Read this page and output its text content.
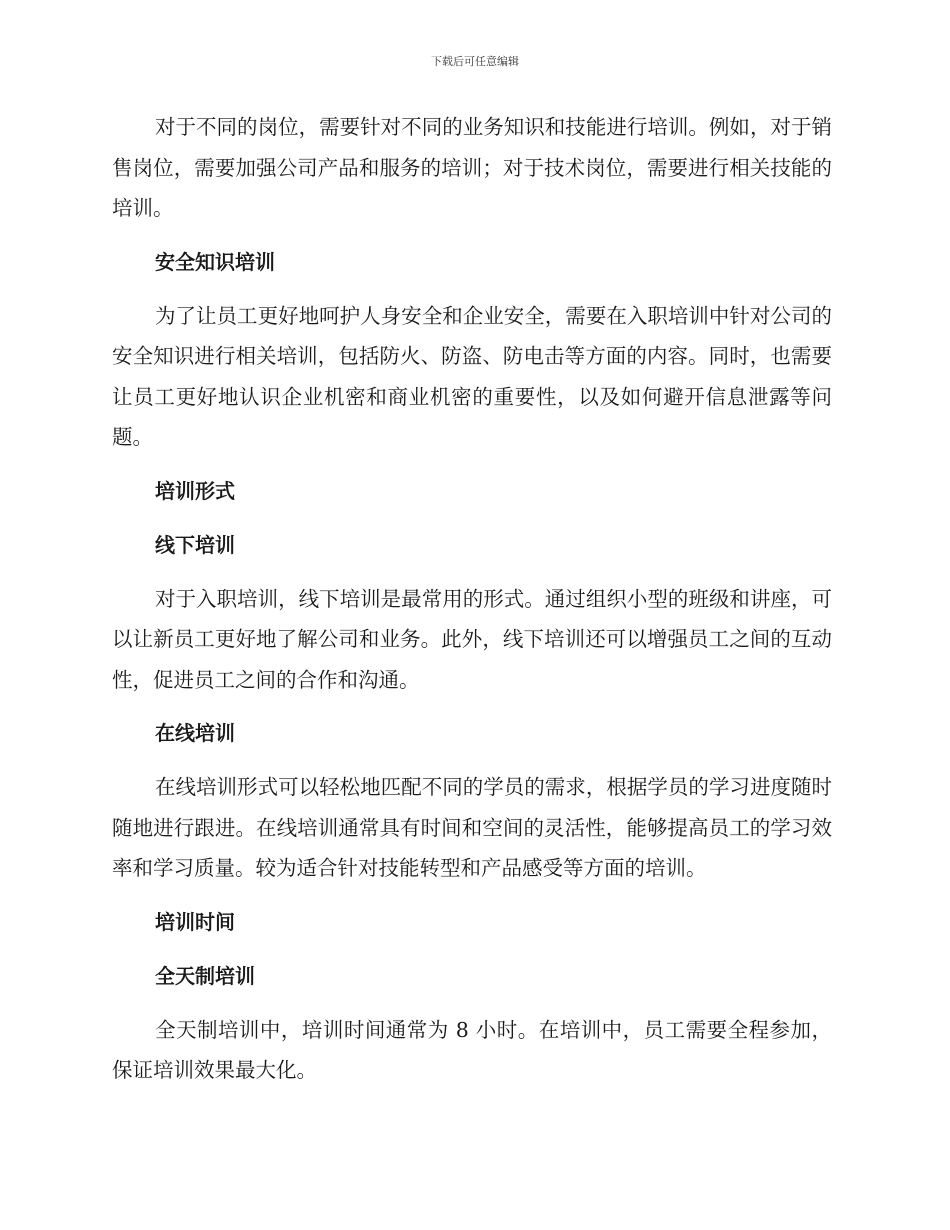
下载后可任意编辑

对于不同的岗位，需要针对不同的业务知识和技能进行培训。例如，对于销售岗位，需要加强公司产品和服务的培训；对于技术岗位，需要进行相关技能的培训。

安全知识培训

为了让员工更好地呵护人身安全和企业安全，需要在入职培训中针对公司的安全知识进行相关培训，包括防火、防盗、防电击等方面的内容。同时，也需要让员工更好地认识企业机密和商业机密的重要性，以及如何避开信息泄露等问题。

培训形式
线下培训

对于入职培训，线下培训是最常用的形式。通过组织小型的班级和讲座，可以让新员工更好地了解公司和业务。此外，线下培训还可以增强员工之间的互动性，促进员工之间的合作和沟通。

在线培训

在线培训形式可以轻松地匹配不同的学员的需求，根据学员的学习进度随时随地进行跟进。在线培训通常具有时间和空间的灵活性，能够提高员工的学习效率和学习质量。较为适合针对技能转型和产品感受等方面的培训。

培训时间
全天制培训

全天制培训中，培训时间通常为 8 小时。在培训中，员工需要全程参加，保证培训效果最大化。
